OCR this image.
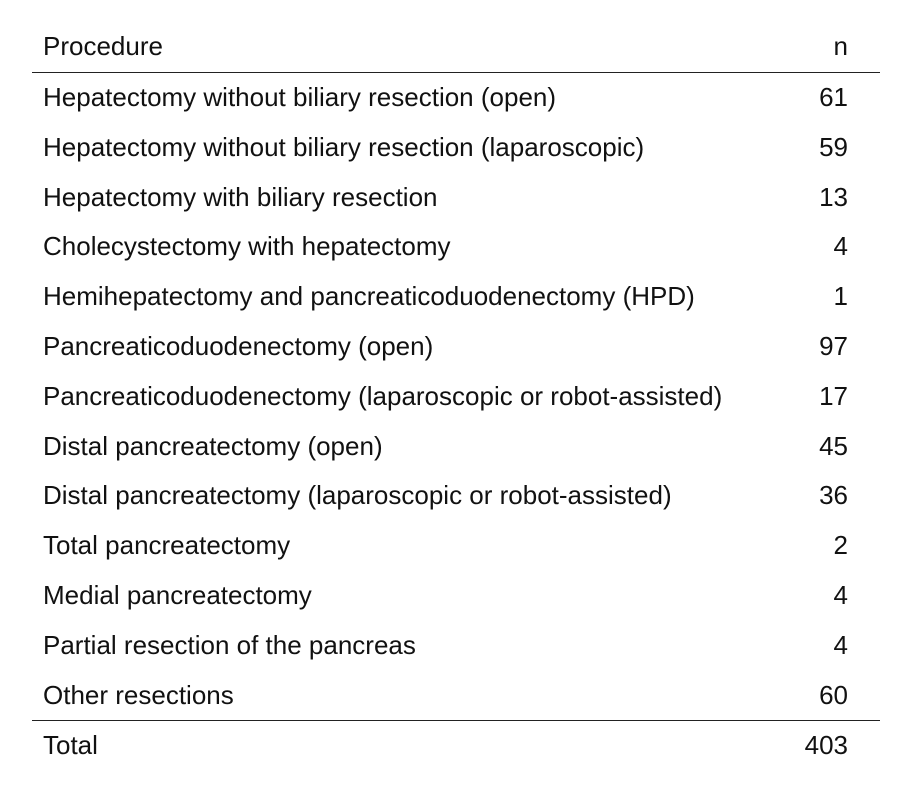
Procedure	n
Hepatectomy without biliary resection (open)	61
Hepatectomy without biliary resection (laparoscopic)	59
Hepatectomy with biliary resection	13
Cholecystectomy with hepatectomy	4
Hemihepatectomy and pancreaticoduodenectomy (HPD)	1
Pancreaticoduodenectomy (open)	97
Pancreaticoduodenectomy (laparoscopic or robot-assisted)	17
Distal pancreatectomy (open)	45
Distal pancreatectomy (laparoscopic or robot-assisted)	36
Total pancreatectomy	2
Medial pancreatectomy	4
Partial resection of the pancreas	4
Other resections	60
Total	403
